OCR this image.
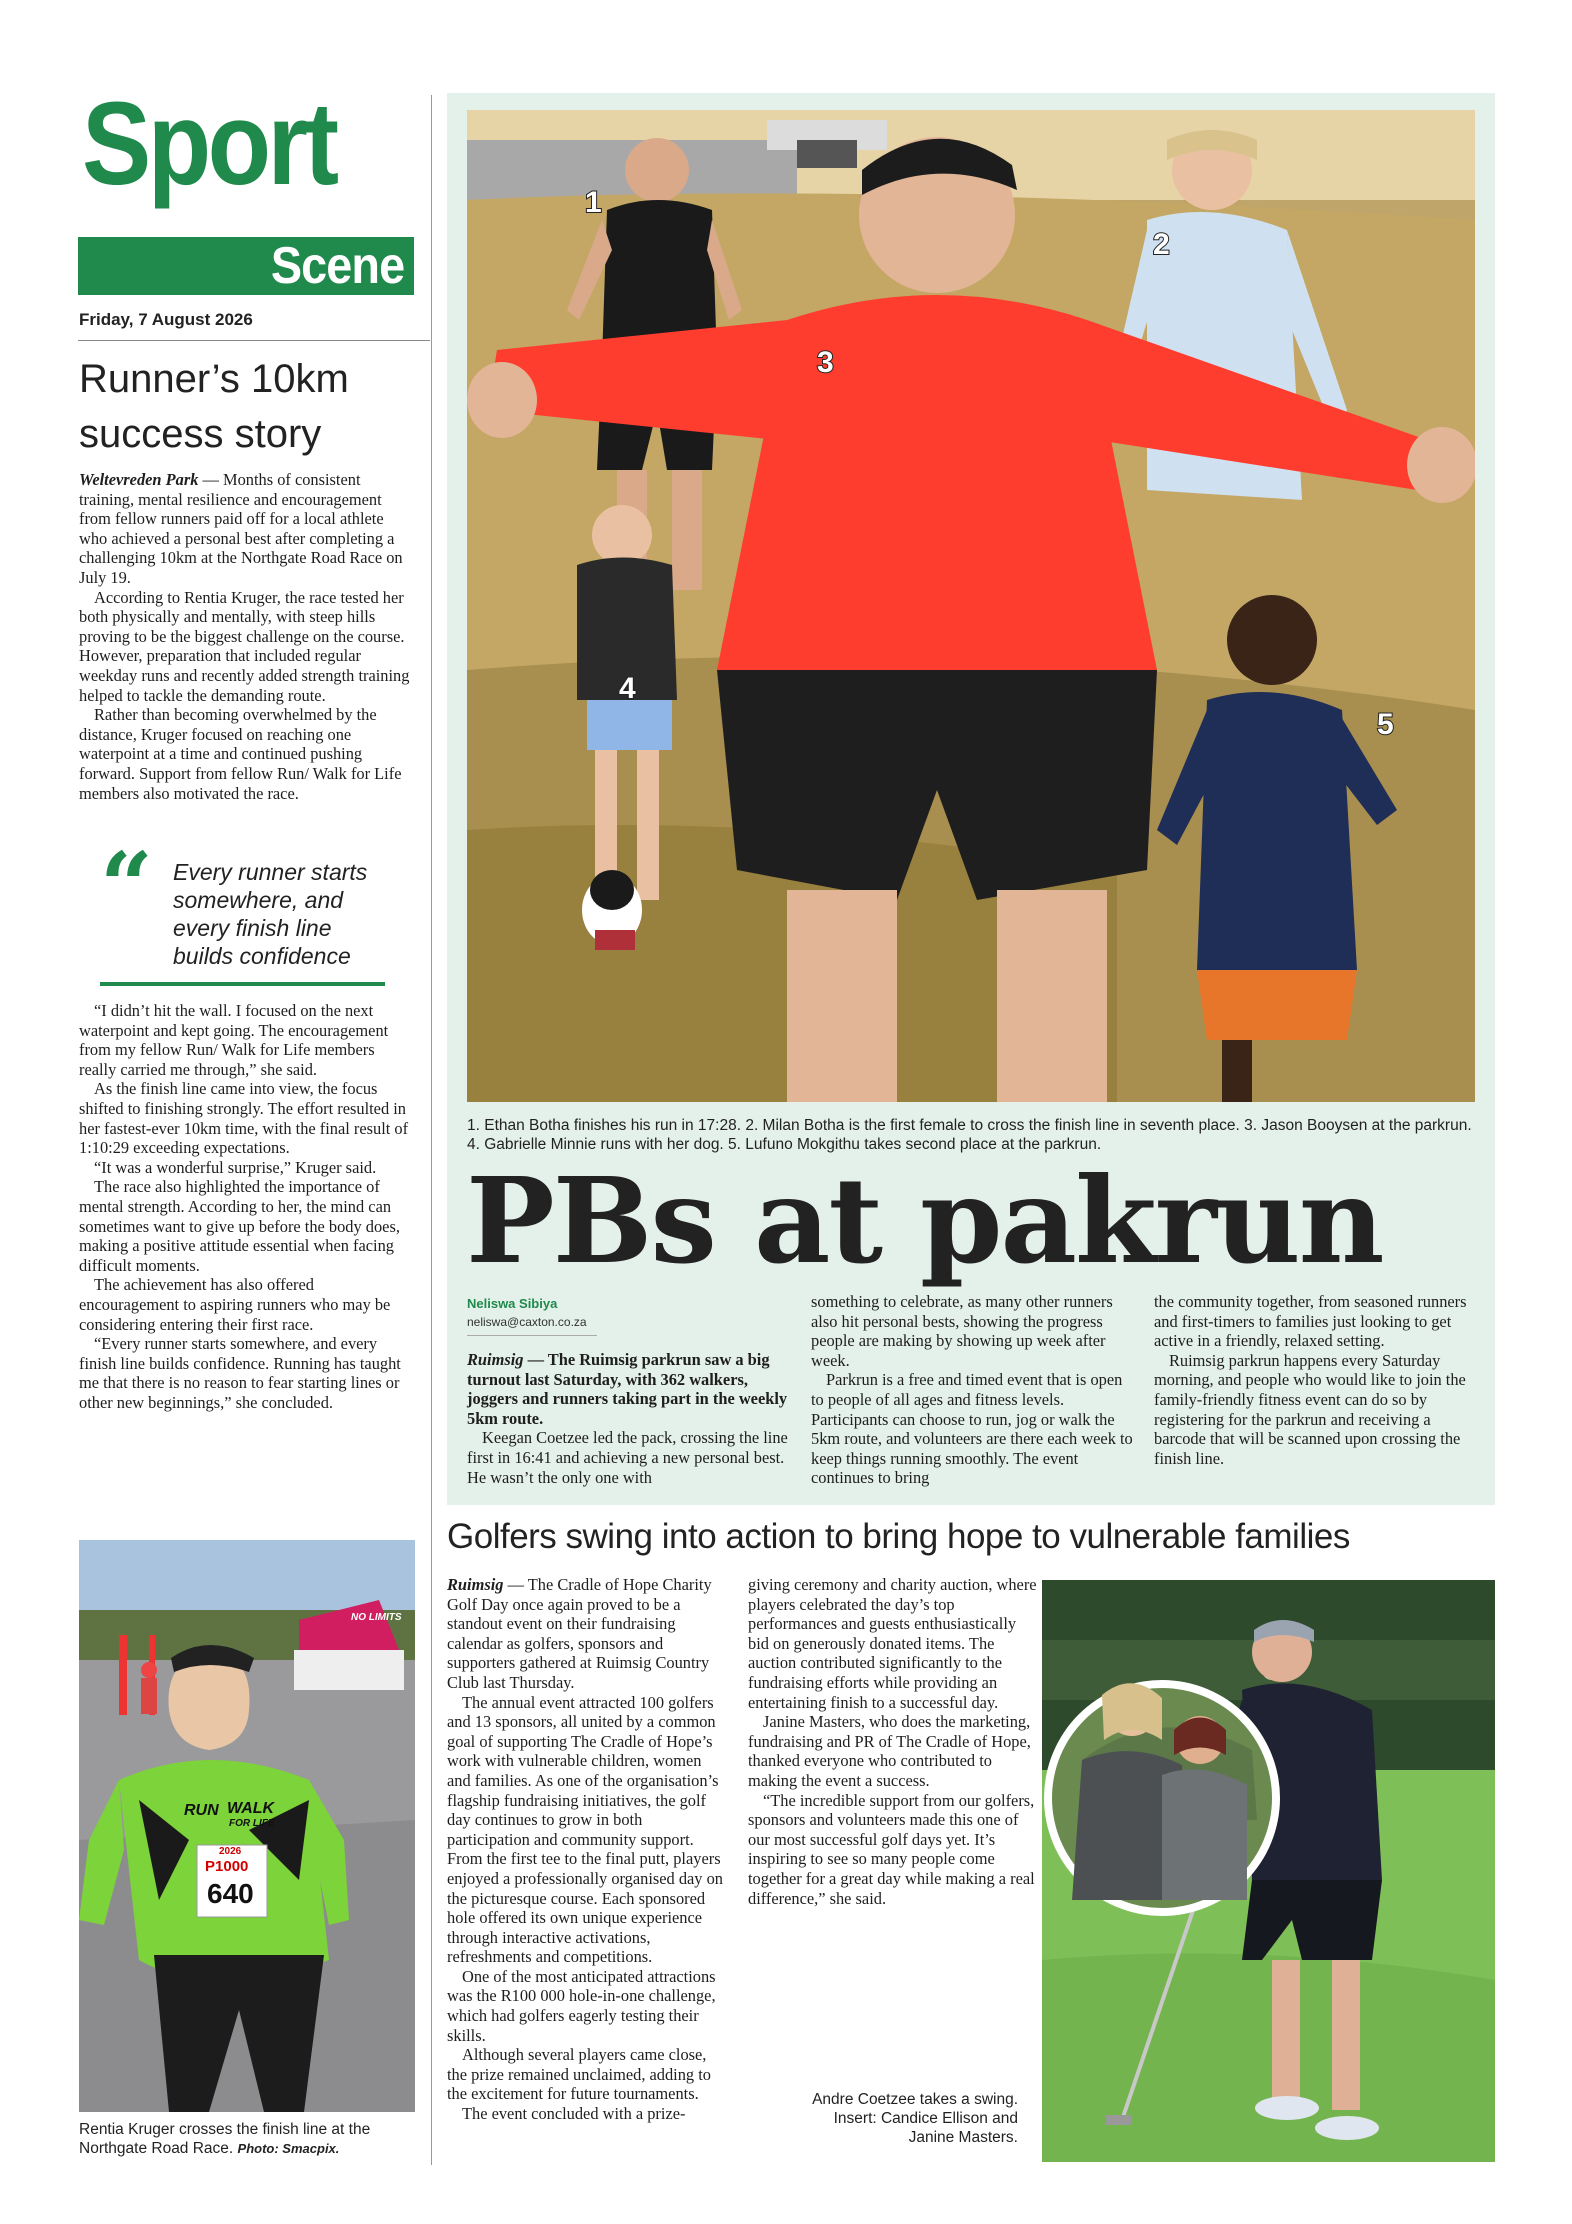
Sport
Scene
Friday, 7 August 2026
Runner’s 10km success story

Weltevreden Park — Months of consistent training, mental resilience and encouragement from fellow runners paid off for a local athlete who achieved a personal best after completing a challenging 10km at the Northgate Road Race on July 19.

According to Rentia Kruger, the race tested her both physically and mentally, with steep hills proving to be the biggest challenge on the course. However, preparation that included regular weekday runs and recently added strength training helped to tackle the demanding route.

Rather than becoming overwhelmed by the distance, Kruger focused on reaching one waterpoint at a time and continued pushing forward. Support from fellow Run/ Walk for Life members also motivated the race.

“ Every runner starts somewhere, and every finish line builds confidence

“I didn’t hit the wall. I focused on the next waterpoint and kept going. The encouragement from my fellow Run/ Walk for Life members really carried me through,” she said.

As the finish line came into view, the focus shifted to finishing strongly. The effort resulted in her fastest-ever 10km time, with the final result of 1:10:29 exceeding expectations.

“It was a wonderful surprise,” Kruger said.

The race also highlighted the importance of mental strength. According to her, the mind can sometimes want to give up before the body does, making a positive attitude essential when facing difficult moments.

The achievement has also offered encouragement to aspiring runners who may be considering entering their first race.

“Every runner starts somewhere, and every finish line builds confidence. Running has taught me that there is no reason to fear starting lines or other new beginnings,” she concluded.

NO LIMITS
RUN WALK
FOR LIFE
2026
P1000
640
Rentia Kruger crosses the finish line at the Northgate Road Race. Photo: Smacpix.
1
2
3
4
5
1. Ethan Botha finishes his run in 17:28. 2. Milan Botha is the first female to cross the finish line in seventh place. 3. Jason Booysen at the parkrun. 4. Gabrielle Minnie runs with her dog. 5. Lufuno Mokgithu takes second place at the parkrun.
PBs at pakrun
Neliswa Sibiya
neliswa@caxton.co.za

Ruimsig — The Ruimsig parkrun saw a big turnout last Saturday, with 362 walkers, joggers and runners taking part in the weekly 5km route.

Keegan Coetzee led the pack, crossing the line first in 16:41 and achieving a new personal best. He wasn’t the only one with

something to celebrate, as many other runners also hit personal bests, showing the progress people are making by showing up week after week.

Parkrun is a free and timed event that is open to people of all ages and fitness levels. Participants can choose to run, jog or walk the 5km route, and volunteers are there each week to keep things running smoothly. The event continues to bring

the community together, from seasoned runners and first-timers to families just looking to get active in a friendly, relaxed setting.

Ruimsig parkrun happens every Saturday morning, and people who would like to join the family-friendly fitness event can do so by registering for the parkrun and receiving a barcode that will be scanned upon crossing the finish line.

Golfers swing into action to bring hope to vulnerable families

Ruimsig — The Cradle of Hope Charity Golf Day once again proved to be a standout event on their fundraising calendar as golfers, sponsors and supporters gathered at Ruimsig Country Club last Thursday.

The annual event attracted 100 golfers and 13 sponsors, all united by a common goal of supporting The Cradle of Hope’s work with vulnerable children, women and families. As one of the organisation’s flagship fundraising initiatives, the golf day continues to grow in both participation and community support. From the first tee to the final putt, players enjoyed a professionally organised day on the picturesque course. Each sponsored hole offered its own unique experience through interactive activations, refreshments and competitions.

One of the most anticipated attractions was the R100 000 hole-in-one challenge, which had golfers eagerly testing their skills.

Although several players came close, the prize remained unclaimed, adding to the excitement for future tournaments.

The event concluded with a prize-

giving ceremony and charity auction, where players celebrated the day’s top performances and guests enthusiastically bid on generously donated items. The auction contributed significantly to the fundraising efforts while providing an entertaining finish to a successful day.

Janine Masters, who does the marketing, fundraising and PR of The Cradle of Hope, thanked everyone who contributed to making the event a success.

“The incredible support from our golfers, sponsors and volunteers made this one of our most successful golf days yet. It’s inspiring to see so many people come together for a great day while making a real difference,” she said.

Andre Coetzee takes a swing.
Insert: Candice Ellison and
Janine Masters.
